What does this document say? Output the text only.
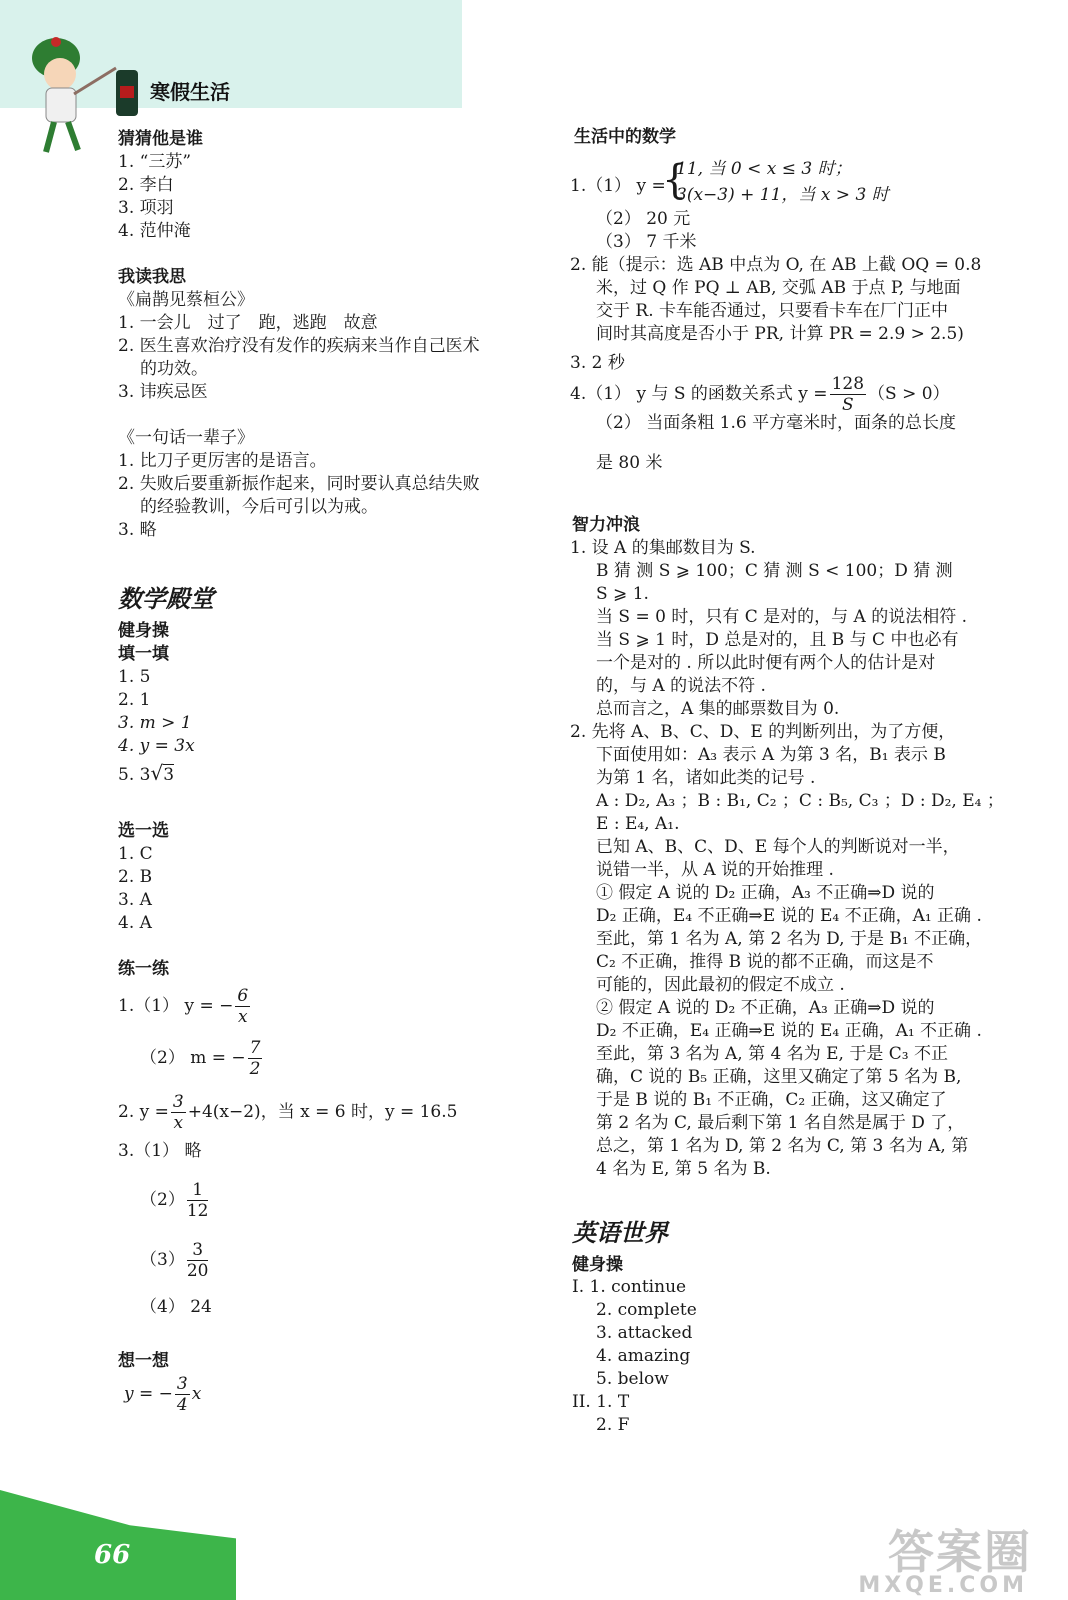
寒假生活
猜猜他是谁
1. “三苏”
2. 李白
3. 项羽
4. 范仲淹
我读我思
《扁鹊见蔡桓公》
1. 一会儿　过了　跑，逃跑　故意
2. 医生喜欢治疗没有发作的疾病来当作自己医术
的功效。
3. 讳疾忌医
《一句话一辈子》
1. 比刀子更厉害的是语言。
2. 失败后要重新振作起来，同时要认真总结失败
的经验教训，今后可引以为戒。
3. 略
数学殿堂
健身操
填一填
1. 5
2. 1
3. m > 1
4. y = 3x
5. 3√3
选一选
1. C
2. B
3. A
4. A
练一练
1.（1） y = − $\frac{6}{x}$
（2） m = − $\frac{7}{2}$
2. $y = \frac{3}{x} +4(x-2)$，当 x = 6 时，y = 16.5
3.（1） 略
$(2) \frac{1}{12}$
$(3) \frac{3}{20}$
（4） 24
想一想
y = − $\frac{3}{4}$ x
生活中的数学
1.（1） y =
{
11, 当 0 < x ≤ 3 时；
3(x−3) + 11，当 x > 3 时
（2） 20 元
（3） 7 千米
2. 能（提示：选 AB 中点为 O, 在 AB 上截 OQ = 0.8
米，过 Q 作 PQ ⊥ AB, 交弧 AB 于点 P, 与地面
交于 R. 卡车能否通过，只要看卡车在厂门正中
间时其高度是否小于 PR, 计算 PR = 2.9 > 2.5)
3. 2 秒
4.（1） y 与 S 的函数关系式 $y = \frac{128}{S} (S > 0)$
（2） 当面条粗 1.6 平方毫米时，面条的总长度
是 80 米
智力冲浪
1. 设 A 的集邮数目为 S.
B 猜 测 S ⩾ 100；C 猜 测 S < 100；D 猜 测
S ⩾ 1.
当 S = 0 时，只有 C 是对的，与 A 的说法相符 .
当 S ⩾ 1 时，D 总是对的，且 B 与 C 中也必有
一个是对的 . 所以此时便有两个人的估计是对
的，与 A 的说法不符 .
总而言之，A 集的邮票数目为 0.
2. 先将 A、B、C、D、E 的判断列出，为了方便，
下面使用如：A₃ 表示 A 为第 3 名，B₁ 表示 B
为第 1 名，诸如此类的记号 .
A : D₂, A₃ ；B : B₁, C₂ ；C : B₅, C₃ ；D : D₂, E₄ ；
E : E₄, A₁.
已知 A、B、C、D、E 每个人的判断说对一半，
说错一半，从 A 说的开始推理 .
① 假定 A 说的 D₂ 正确，A₃ 不正确⇒D 说的
D₂ 正确，E₄ 不正确⇒E 说的 E₄ 不正确，A₁ 正确 .
至此，第 1 名为 A, 第 2 名为 D, 于是 B₁ 不正确，
C₂ 不正确，推得 B 说的都不正确，而这是不
可能的，因此最初的假定不成立 .
② 假定 A 说的 D₂ 不正确，A₃ 正确⇒D 说的
D₂ 不正确，E₄ 正确⇒E 说的 E₄ 正确，A₁ 不正确 .
至此，第 3 名为 A, 第 4 名为 E, 于是 C₃ 不正
确，C 说的 B₅ 正确，这里又确定了第 5 名为 B,
于是 B 说的 B₁ 不正确，C₂ 正确，这又确定了
第 2 名为 C, 最后剩下第 1 名自然是属于 D 了，
总之，第 1 名为 D, 第 2 名为 C, 第 3 名为 A, 第
4 名为 E, 第 5 名为 B.
英语世界
健身操
I. 1. continue
2. complete
3. attacked
4. amazing
5. below
II. 1. T
2. F
66	答案圈
MXQE.COM
